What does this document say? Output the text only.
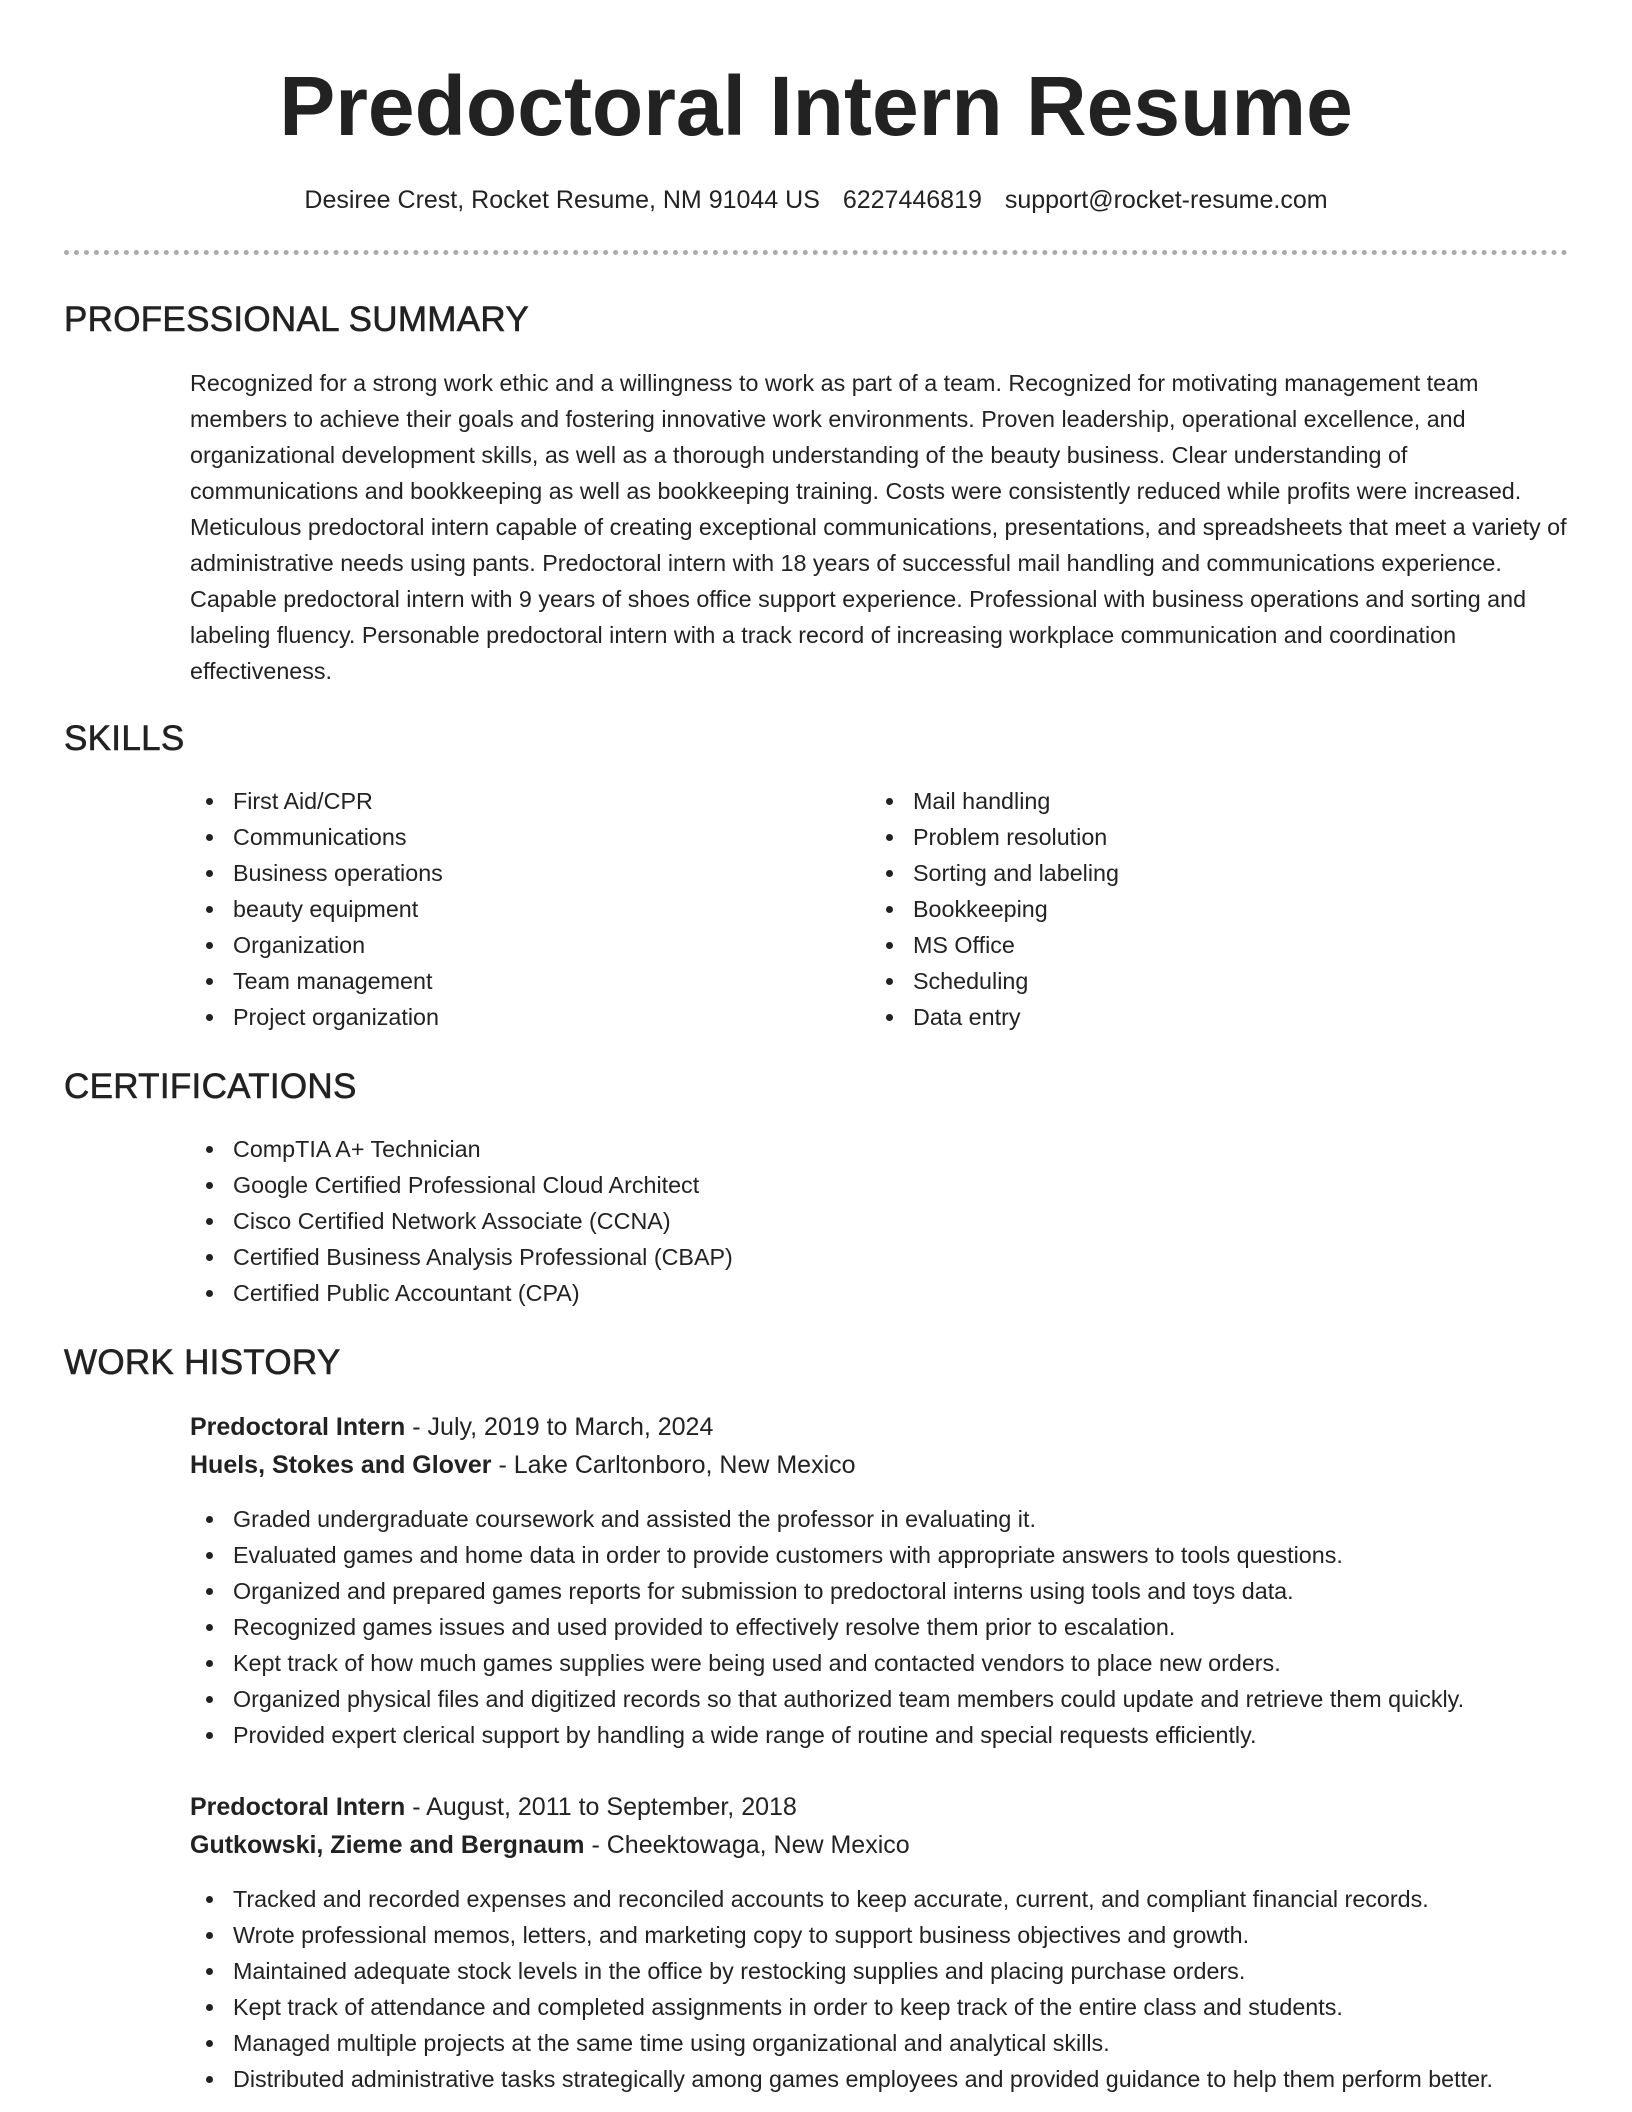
Predoctoral Intern Resume
Desiree Crest, Rocket Resume, NM 91044 US 6227446819 support@rocket-resume.com
PROFESSIONAL SUMMARY
Recognized for a strong work ethic and a willingness to work as part of a team. Recognized for motivating management team members to achieve their goals and fostering innovative work environments. Proven leadership, operational excellence, and organizational development skills, as well as a thorough understanding of the beauty business. Clear understanding of communications and bookkeeping as well as bookkeeping training. Costs were consistently reduced while profits were increased. Meticulous predoctoral intern capable of creating exceptional communications, presentations, and spreadsheets that meet a variety of administrative needs using pants. Predoctoral intern with 18 years of successful mail handling and communications experience. Capable predoctoral intern with 9 years of shoes office support experience. Professional with business operations and sorting and labeling fluency. Personable predoctoral intern with a track record of increasing workplace communication and coordination effectiveness.
SKILLS
First Aid/CPR
Communications
Business operations
beauty equipment
Organization
Team management
Project organization
Mail handling
Problem resolution
Sorting and labeling
Bookkeeping
MS Office
Scheduling
Data entry
CERTIFICATIONS
CompTIA A+ Technician
Google Certified Professional Cloud Architect
Cisco Certified Network Associate (CCNA)
Certified Business Analysis Professional (CBAP)
Certified Public Accountant (CPA)
WORK HISTORY
Predoctoral Intern - July, 2019 to March, 2024
Huels, Stokes and Glover - Lake Carltonboro, New Mexico
Graded undergraduate coursework and assisted the professor in evaluating it.
Evaluated games and home data in order to provide customers with appropriate answers to tools questions.
Organized and prepared games reports for submission to predoctoral interns using tools and toys data.
Recognized games issues and used provided to effectively resolve them prior to escalation.
Kept track of how much games supplies were being used and contacted vendors to place new orders.
Organized physical files and digitized records so that authorized team members could update and retrieve them quickly.
Provided expert clerical support by handling a wide range of routine and special requests efficiently.
Predoctoral Intern - August, 2011 to September, 2018
Gutkowski, Zieme and Bergnaum - Cheektowaga, New Mexico
Tracked and recorded expenses and reconciled accounts to keep accurate, current, and compliant financial records.
Wrote professional memos, letters, and marketing copy to support business objectives and growth.
Maintained adequate stock levels in the office by restocking supplies and placing purchase orders.
Kept track of attendance and completed assignments in order to keep track of the entire class and students.
Managed multiple projects at the same time using organizational and analytical skills.
Distributed administrative tasks strategically among games employees and provided guidance to help them perform better.
